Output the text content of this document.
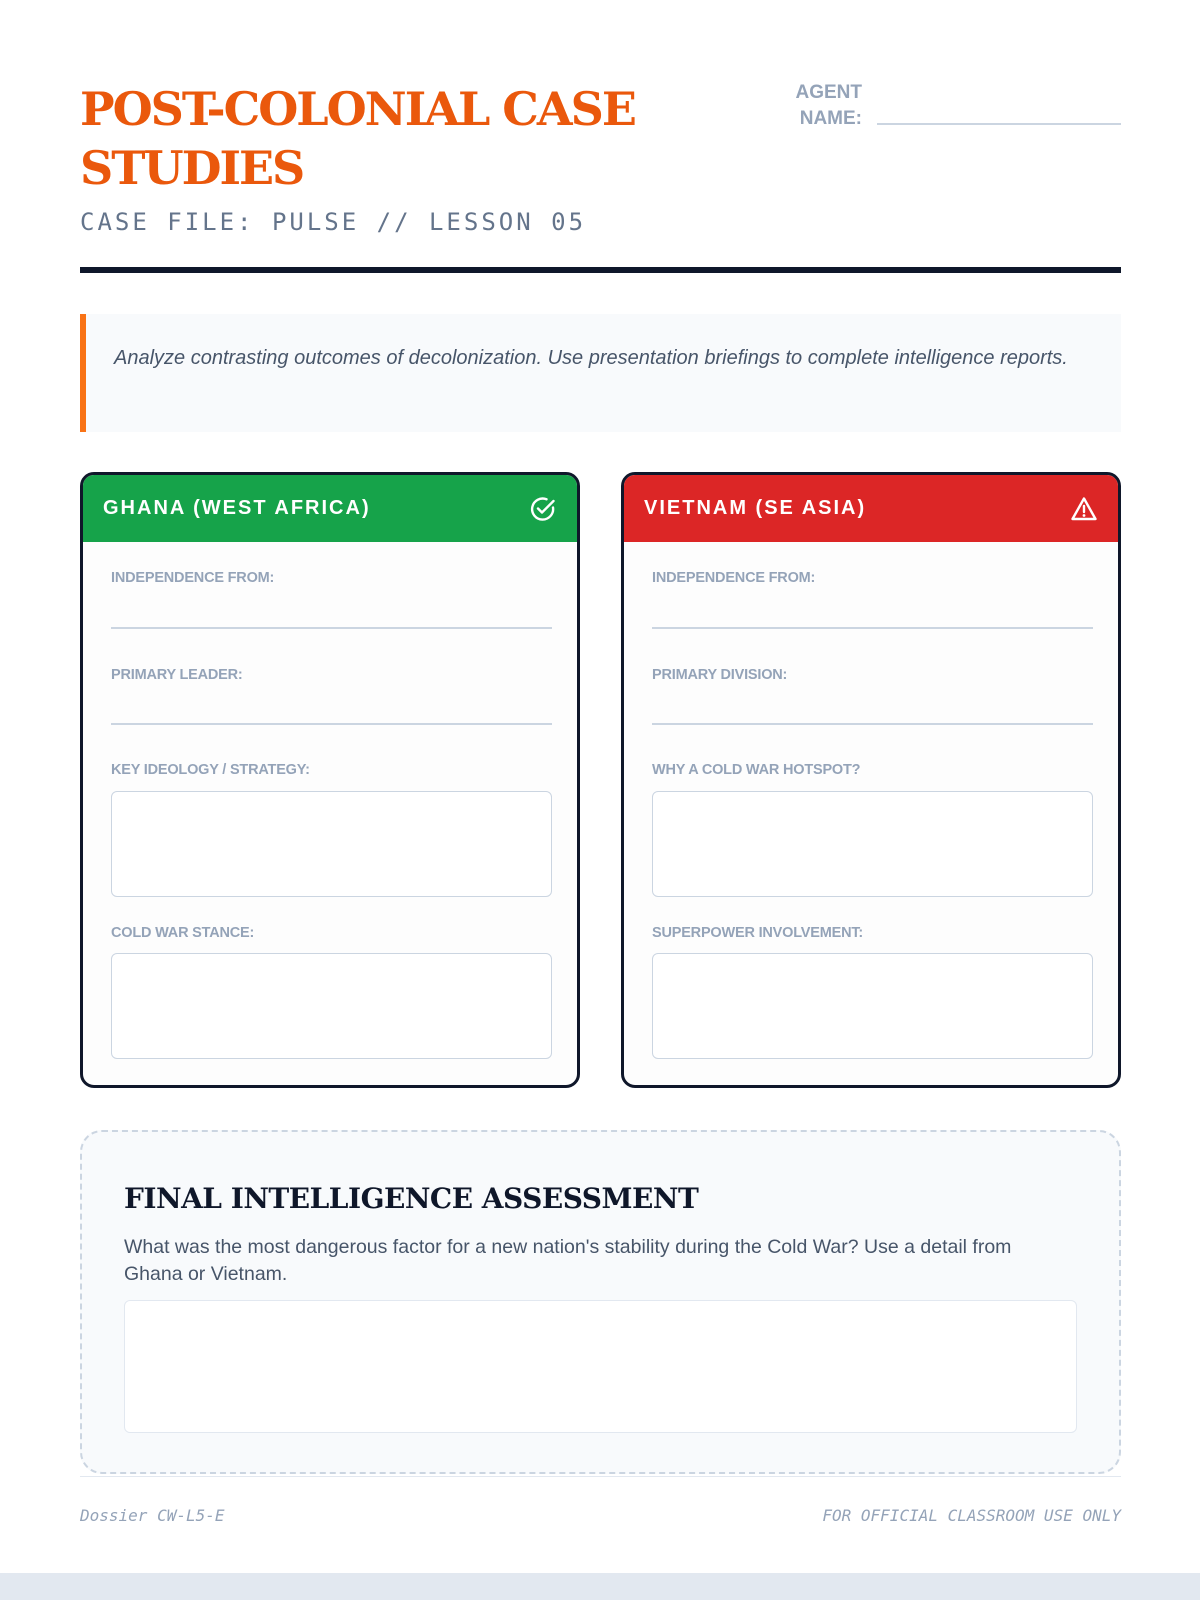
POST-COLONIAL CASE STUDIES
CASE FILE: PULSE // LESSON 05
AGENT NAME:

Analyze contrasting outcomes of decolonization. Use presentation briefings to complete intelligence reports.

GHANA (WEST AFRICA)
INDEPENDENCE FROM:
PRIMARY LEADER:
KEY IDEOLOGY / STRATEGY:
COLD WAR STANCE:
VIETNAM (SE ASIA)
INDEPENDENCE FROM:
PRIMARY DIVISION:
WHY A COLD WAR HOTSPOT?
SUPERPOWER INVOLVEMENT:
FINAL INTELLIGENCE ASSESSMENT

What was the most dangerous factor for a new nation's stability during the Cold War? Use a detail from Ghana or Vietnam.

Dossier CW-L5-E	FOR OFFICIAL CLASSROOM USE ONLY
